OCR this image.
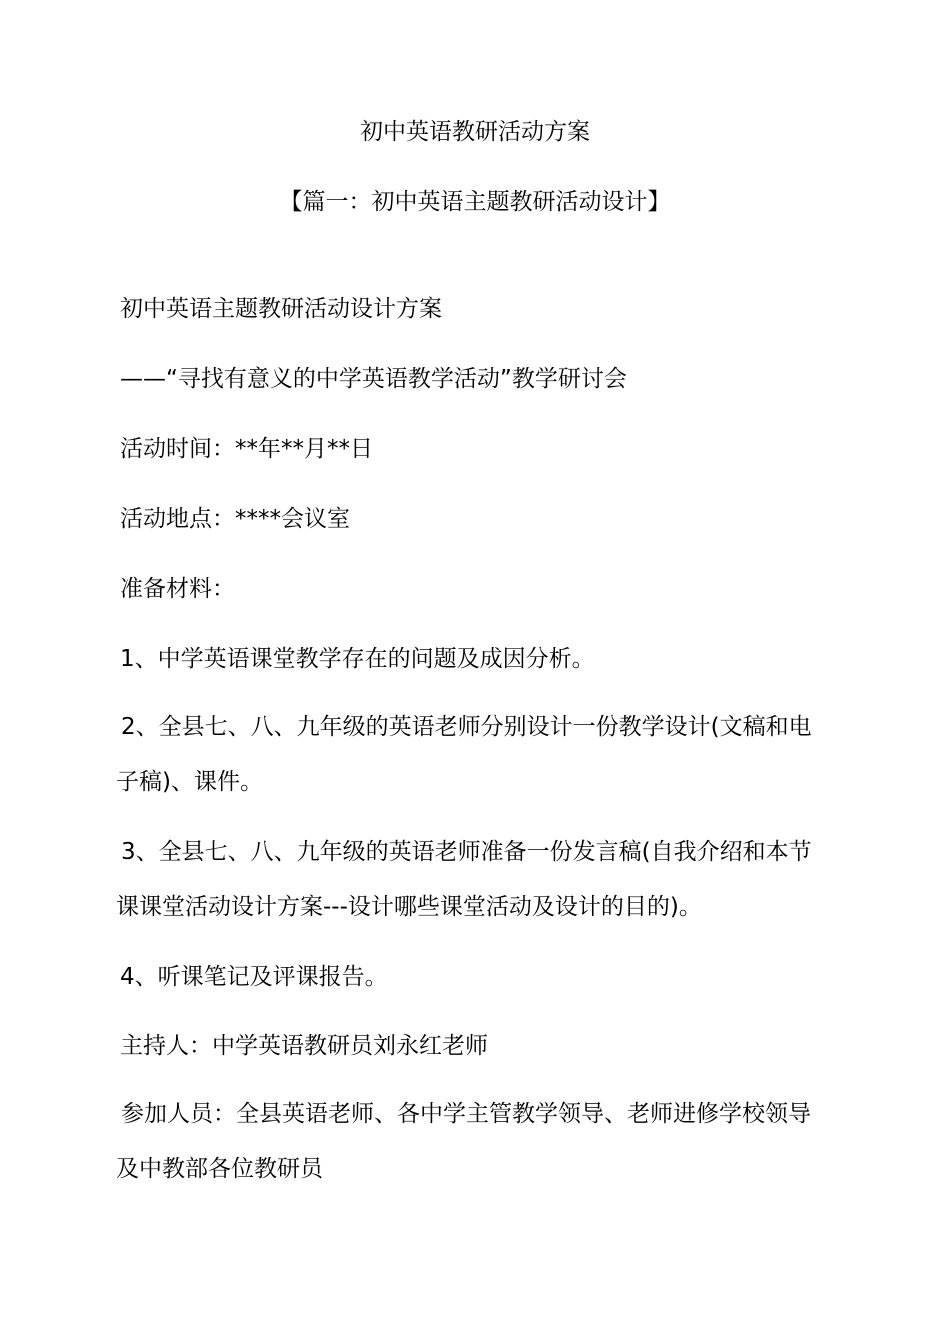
初中英语教研活动方案
【篇一：初中英语主题教研活动设计】
初中英语主题教研活动设计方案
——“寻找有意义的中学英语教学活动”教学研讨会
活动时间：**年**月**日
活动地点：****会议室
准备材料：
1、中学英语课堂教学存在的问题及成因分析。
2、全县七、八、九年级的英语老师分别设计一份教学设计(文稿和电子稿)、课件。
3、全县七、八、九年级的英语老师准备一份发言稿(自我介绍和本节课课堂活动设计方案---设计哪些课堂活动及设计的目的)。
4、听课笔记及评课报告。
主持人：中学英语教研员刘永红老师
参加人员：全县英语老师、各中学主管教学领导、老师进修学校领导及中教部各位教研员
